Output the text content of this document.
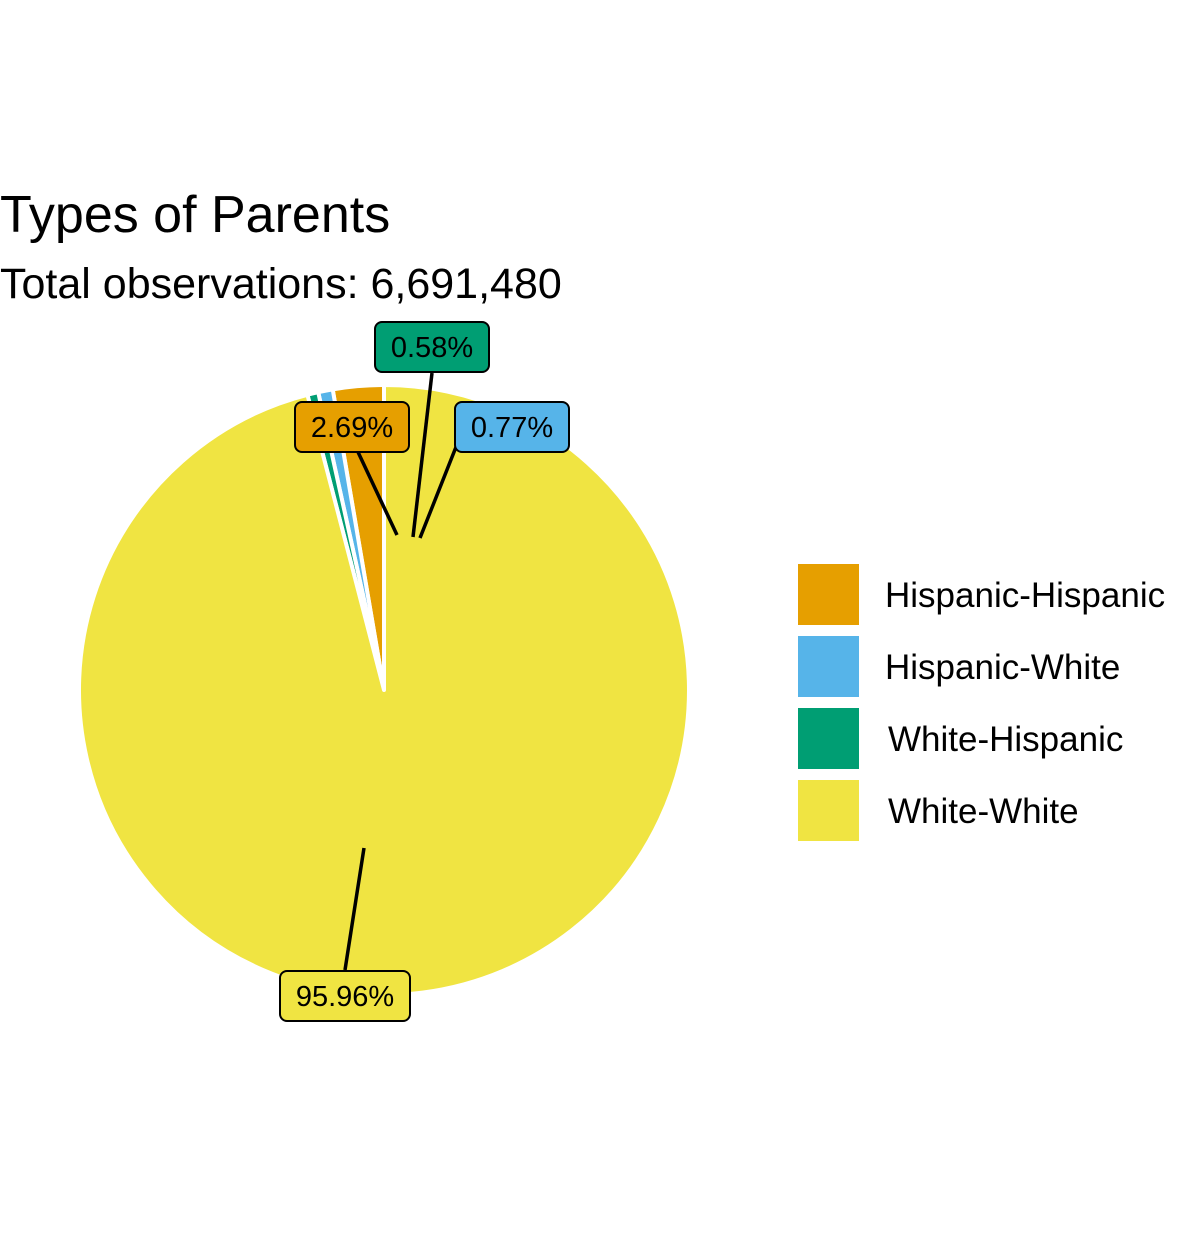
Types of Parents
Total observations: 6,691,480
2.69%	0.77%
0.58%
95.96%
Hispanic-Hispanic
Hispanic-White
White-Hispanic
White-White
